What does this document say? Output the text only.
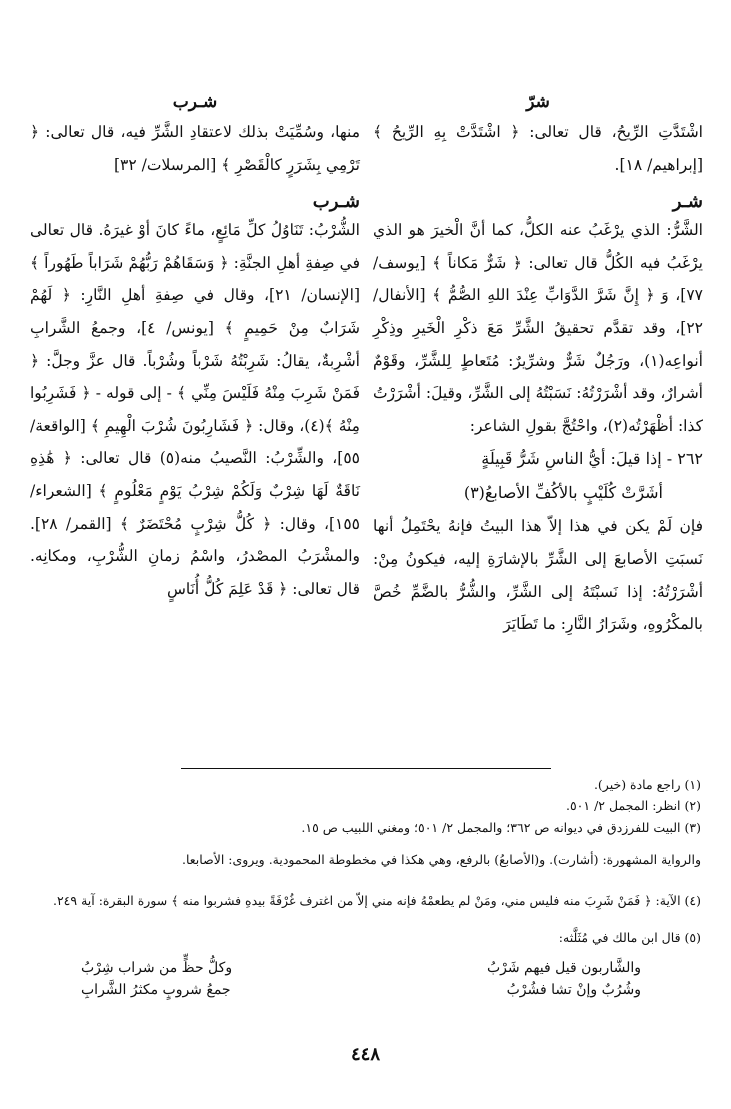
شرّ

اشْتَدَّتِ الرِّيحُ، قال تعالى: ﴿ اشْتَدَّتْ بِهِ الرِّيحُ ﴾ [إبراهيم/ ١٨].

شـر

الشَّرُّ: الذي يرْغَبُ عنه الكلُّ، كما أنَّ الْخيرَ هو الذي يرْغَبُ فيه الكُلُّ قال تعالى: ﴿ شَرٌّ مَكاناً ﴾ [يوسف/ ٧٧]، وَ ﴿ إِنَّ شَرَّ الدَّوَابِّ عِنْدَ اللهِ الصُّمُّ ﴾ [الأنفال/ ٢٢]، وقد تقدَّم تحقيقُ الشَّرِّ مَعَ ذكْرِ الْخَيرِ وذِكْرِ أنواعِه(١)، ورَجُلٌ شَرٌّ وشرِّيرٌ: مُتَعاطٍ لِلشَّرِّ، وقَوْمٌ أشرارٌ، وقد أشْرَرْتُهُ: نَسَبْتُهُ إلى الشَّرِّ، وقيلَ: أشْرَرْتُ كذا: أظْهَرْتُه(٢)، واحْتُجَّ بقولِ الشاعر:

٢٦٢ - إذا قيلَ: أيُّ الناسِ شَرُّ قَبِيلَةٍ

أشَرَّتْ كُلَيْبٍ بالأكُفِّ الأصابعُ(٣)

فإن لَمْ يكن في هذا إلاّ هذا البيتُ فإنهُ يحْتَمِلُ أنها نَسبَتِ الأصابعَ إلى الشَّرِّ بالإشارَةِ إليه، فيكونُ مِنْ: أشْرَرْتُهُ: إذا نَسبْتَهُ إلى الشَّرِّ، والشُّرُّ بالضَّمِّ خُصَّ بالمكْرُوهِ، وشَرَارُ النَّارِ: ما تَطَايَرَ

شـرب

منها، وسُمِّيَتْ بذلك لاعتقادِ الشَّرِّ فيه، قال تعالى: ﴿ تَرْمِي بِشَرَرٍ كالْقَصْرِ ﴾ [المرسلات/ ٣٢]

شـرب

الشُّرْبُ: تَنَاوُلُ كلِّ مَائِعٍ، ماءً كانَ أوْ غيرَهُ. قال تعالى في صِفةِ أهلِ الجنَّةِ: ﴿ وَسَقَاهُمْ رَبُّهُمْ شَرَاباً طَهُوراً ﴾ [الإنسان/ ٢١]، وقال في صِفةِ أهلِ النَّارِ: ﴿ لَهُمْ شَرَابٌ مِنْ حَمِيمٍ ﴾ [يونس/ ٤]، وجمعُ الشَّرابِ أشْرِبةٌ، يقالُ: شَرِبْتُهُ شَرْباً وشُرْباً. قال عزَّ وجلَّ: ﴿ فَمَنْ شَرِبَ مِنْهُ فَلَيْسَ مِنِّي ﴾ - إلى قوله - ﴿ فَشَرِبُوا مِنْهُ ﴾(٤)، وقال: ﴿ فَشَارِبُونَ شُرْبَ الْهِيمِ ﴾ [الواقعة/ ٥٥]، والشِّرْبُ: النَّصيبُ منه(٥) قال تعالى: ﴿ هَٰذِهِ نَاقَةٌ لَهَا شِرْبٌ وَلَكُمْ شِرْبُ يَوْمٍ مَعْلُومٍ ﴾ [الشعراء/ ١٥٥]، وقال: ﴿ كُلُّ شِرْبٍ مُحْتَضَرٌ ﴾ [القمر/ ٢٨]. والمشْرَبُ المصْدرُ، واسْمُ زمانِ الشُّرْبِ، ومكانِه. قال تعالى: ﴿ قَدْ عَلِمَ كُلُّ أُنَاسٍ

(١) راجع مادة (خير).
(٢) انظر: المجمل ٢/ ٥٠١.
(٣) البيت للفرزدق في ديوانه ص ٣٦٢؛ والمجمل ٢/ ٥٠١؛ ومغني اللبيب ص ١٥.
والرواية المشهورة: (أشارت). و(الأصابعُ) بالرفع، وهي هكذا في مخطوطة المحمودية. ويروى: الأصابعا.
(٤) الآية: ﴿ فَمَنْ شَرِبَ منه فليس مني، ومَنْ لم يطعمْهُ فإنه مني إلاّ من اغترف غُرْفَةً بيدهِ فشربوا منه ﴾ سورة البقرة: آية ٢٤٩.
(٥) قال ابن مالك في مُثَلَّثه:
والشَّاربون قيل فيهم شَرْبُ
وكلُّ حظٍّ من شراب شِرْبُ
وشُرُبٌ وإنْ تشا فشُرْبُ
جمعُ شروبٍ مكثرُ الشَّرابِ
٤٤٨
